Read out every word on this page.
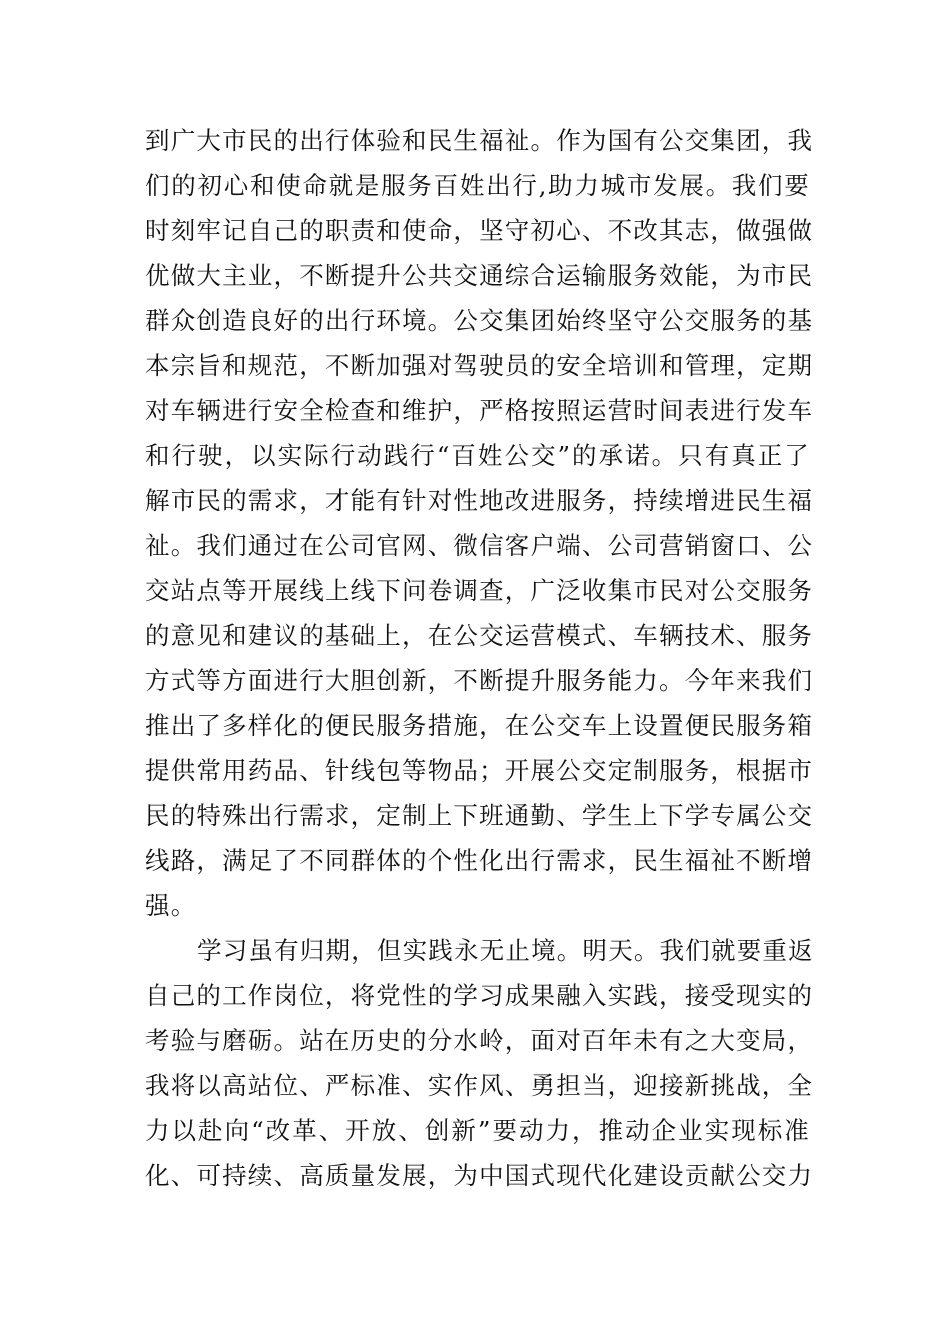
到广大市民的出行体验和民生福祉。作为国有公交集团，我
们的初心和使命就是服务百姓出行,助力城市发展。我们要
时刻牢记自己的职责和使命，坚守初心、不改其志，做强做
优做大主业，不断提升公共交通综合运输服务效能，为市民
群众创造良好的出行环境。公交集团始终坚守公交服务的基
本宗旨和规范，不断加强对驾驶员的安全培训和管理，定期
对车辆进行安全检查和维护，严格按照运营时间表进行发车
和行驶，以实际行动践行“百姓公交”的承诺。只有真正了
解市民的需求，才能有针对性地改进服务，持续增进民生福
祉。我们通过在公司官网、微信客户端、公司营销窗口、公
交站点等开展线上线下问卷调查，广泛收集市民对公交服务
的意见和建议的基础上，在公交运营模式、车辆技术、服务
方式等方面进行大胆创新，不断提升服务能力。今年来我们
推出了多样化的便民服务措施，在公交车上设置便民服务箱
提供常用药品、针线包等物品；开展公交定制服务，根据市
民的特殊出行需求，定制上下班通勤、学生上下学专属公交
线路，满足了不同群体的个性化出行需求，民生福祉不断增
强。
学习虽有归期，但实践永无止境。明天。我们就要重返
自己的工作岗位，将党性的学习成果融入实践，接受现实的
考验与磨砺。站在历史的分水岭，面对百年未有之大变局，
我将以高站位、严标准、实作风、勇担当，迎接新挑战，全
力以赴向“改革、开放、创新”要动力，推动企业实现标准
化、可持续、高质量发展，为中国式现代化建设贡献公交力
